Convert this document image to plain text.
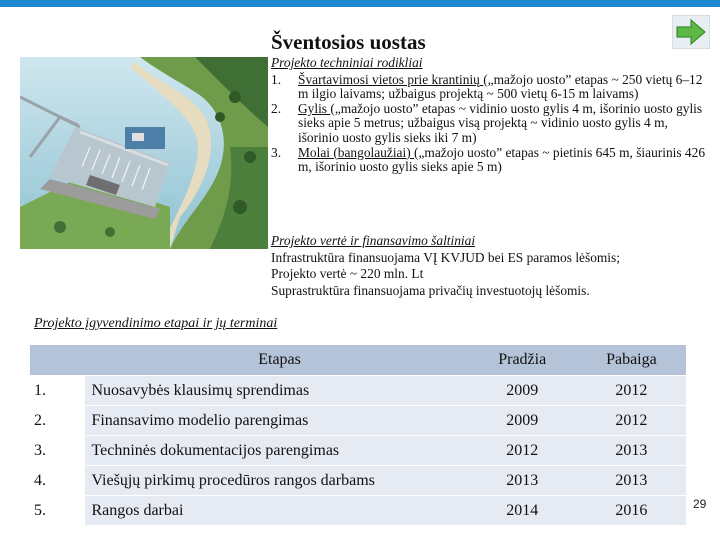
Šventosios uostas
Projekto techniniai rodikliai
1. Švartavimosi vietos prie krantinių („mažojo uosto” etapas ~ 250 vietų 6–12 m ilgio laivams; užbaigus projektą ~ 500 vietų 6-15 m laivams)
2. Gylis („mažojo uosto” etapas ~ vidinio uosto gylis 4 m, išorinio uosto gylis sieks apie 5 metrus; užbaigus visą projektą ~ vidinio uosto gylis 4 m, išorinio uosto gylis sieks iki 7 m)
3. Molai (bangolaužiai) („mažojo uosto” etapas ~ pietinis 645 m, šiaurinis 426 m, išorinio uosto gylis sieks apie 5 m)
Projekto vertė ir finansavimo šaltiniai
Infrastruktūra finansuojama VĮ KVJUD bei ES paramos lėšomis;
Projekto vertė ~ 220 mln. Lt
Suprastruktūra finansuojama privačių investuotojų lėšomis.
Projekto įgyvendinimo etapai ir jų terminai
	Etapas	Pradžia	Pabaiga
1.	Nuosavybės klausimų sprendimas	2009	2012
2.	Finansavimo modelio parengimas	2009	2012
3.	Techninės dokumentacijos parengimas	2012	2013
4.	Viešųjų pirkimų procedūros rangos darbams	2013	2013
5.	Rangos darbai	2014	2016	29
